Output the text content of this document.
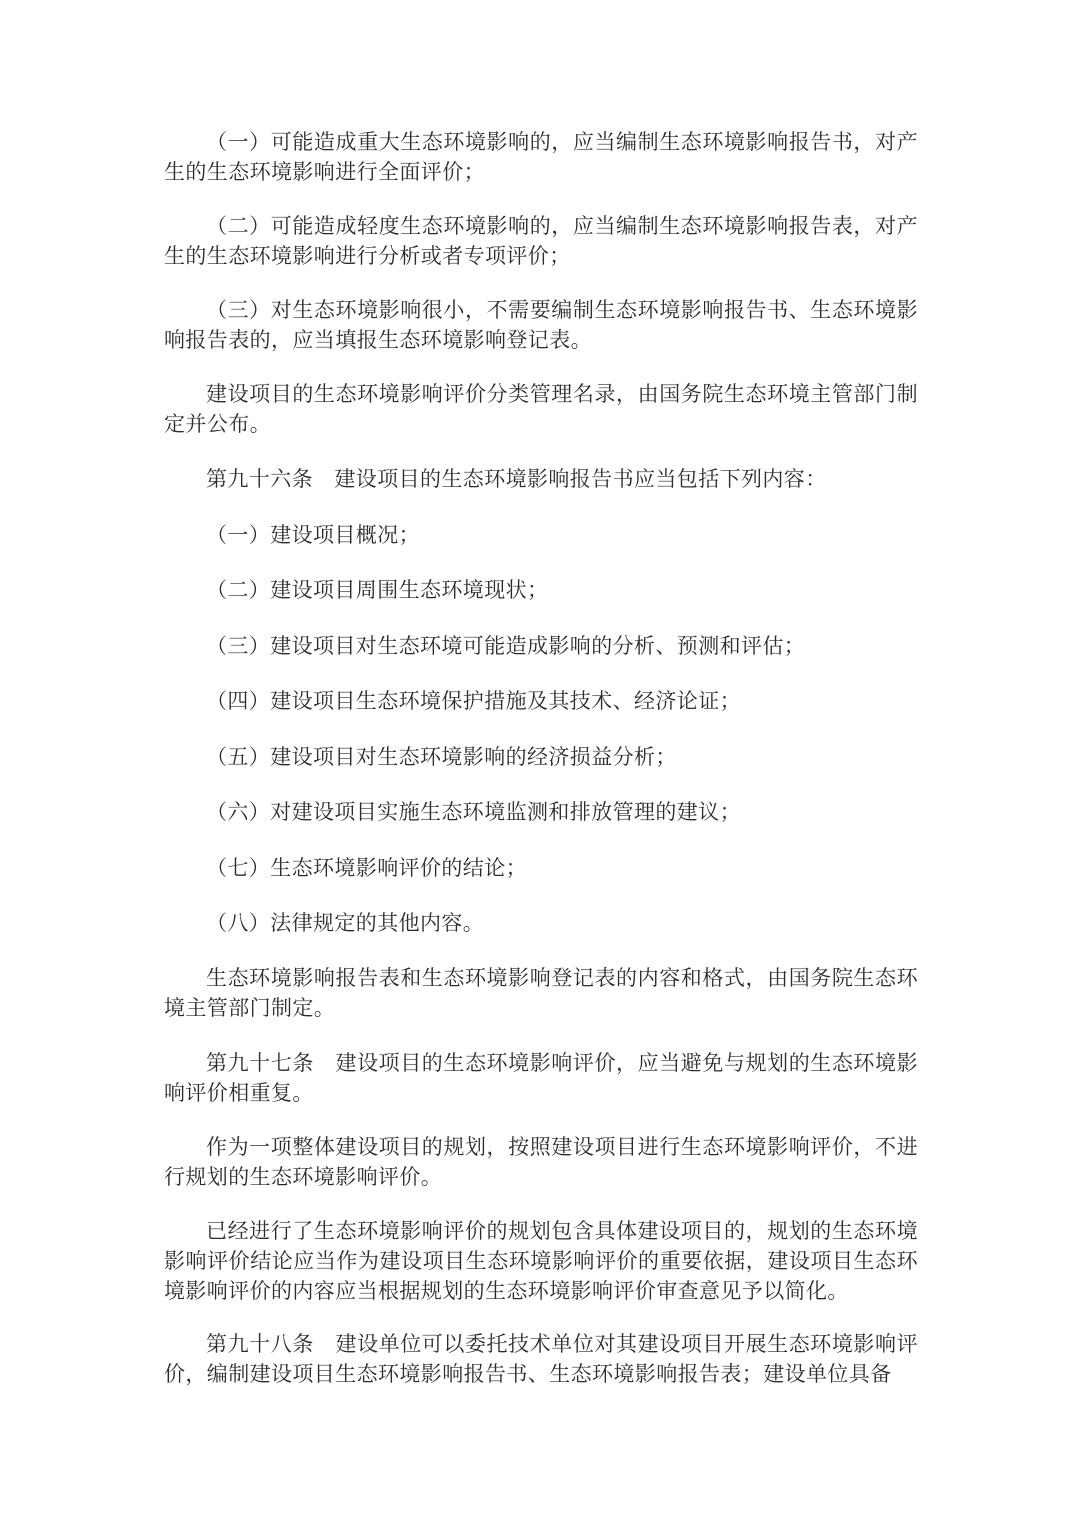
（一）可能造成重大生态环境影响的，应当编制生态环境影响报告书，对产生的生态环境影响进行全面评价；

（二）可能造成轻度生态环境影响的，应当编制生态环境影响报告表，对产生的生态环境影响进行分析或者专项评价；

（三）对生态环境影响很小，不需要编制生态环境影响报告书、生态环境影响报告表的，应当填报生态环境影响登记表。

建设项目的生态环境影响评价分类管理名录，由国务院生态环境主管部门制定并公布。

第九十六条　建设项目的生态环境影响报告书应当包括下列内容：

（一）建设项目概况；

（二）建设项目周围生态环境现状；

（三）建设项目对生态环境可能造成影响的分析、预测和评估；

（四）建设项目生态环境保护措施及其技术、经济论证；

（五）建设项目对生态环境影响的经济损益分析；

（六）对建设项目实施生态环境监测和排放管理的建议；

（七）生态环境影响评价的结论；

（八）法律规定的其他内容。

生态环境影响报告表和生态环境影响登记表的内容和格式，由国务院生态环境主管部门制定。

第九十七条　建设项目的生态环境影响评价，应当避免与规划的生态环境影响评价相重复。

作为一项整体建设项目的规划，按照建设项目进行生态环境影响评价，不进行规划的生态环境影响评价。

已经进行了生态环境影响评价的规划包含具体建设项目的，规划的生态环境影响评价结论应当作为建设项目生态环境影响评价的重要依据，建设项目生态环境影响评价的内容应当根据规划的生态环境影响评价审查意见予以简化。

第九十八条　建设单位可以委托技术单位对其建设项目开展生态环境影响评价，编制建设项目生态环境影响报告书、生态环境影响报告表；建设单位具备
